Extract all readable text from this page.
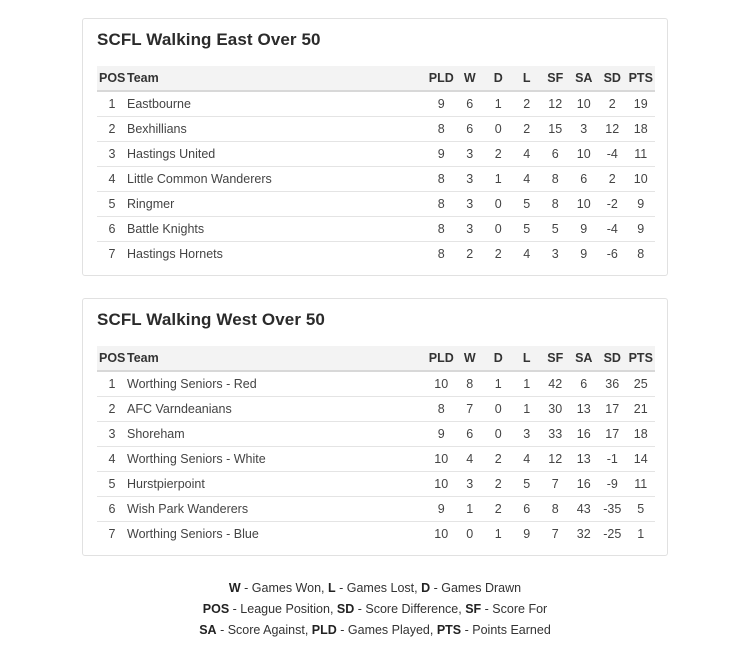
SCFL Walking East Over 50
POS	Team	PLD	W	D	L	SF	SA	SD	PTS
1	Eastbourne	9	6	1	2	12	10	2	19
2	Bexhillians	8	6	0	2	15	3	12	18
3	Hastings United	9	3	2	4	6	10	-4	11
4	Little Common Wanderers	8	3	1	4	8	6	2	10
5	Ringmer	8	3	0	5	8	10	-2	9
6	Battle Knights	8	3	0	5	5	9	-4	9
7	Hastings Hornets	8	2	2	4	3	9	-6	8
SCFL Walking West Over 50
POS	Team	PLD	W	D	L	SF	SA	SD	PTS
1	Worthing Seniors - Red	10	8	1	1	42	6	36	25
2	AFC Varndeanians	8	7	0	1	30	13	17	21
3	Shoreham	9	6	0	3	33	16	17	18
4	Worthing Seniors - White	10	4	2	4	12	13	-1	14
5	Hurstpierpoint	10	3	2	5	7	16	-9	11
6	Wish Park Wanderers	9	1	2	6	8	43	-35	5
7	Worthing Seniors - Blue	10	0	1	9	7	32	-25	1
W - Games Won, L - Games Lost, D - Games Drawn
POS - League Position, SD - Score Difference, SF - Score For
SA - Score Against, PLD - Games Played, PTS - Points Earned
